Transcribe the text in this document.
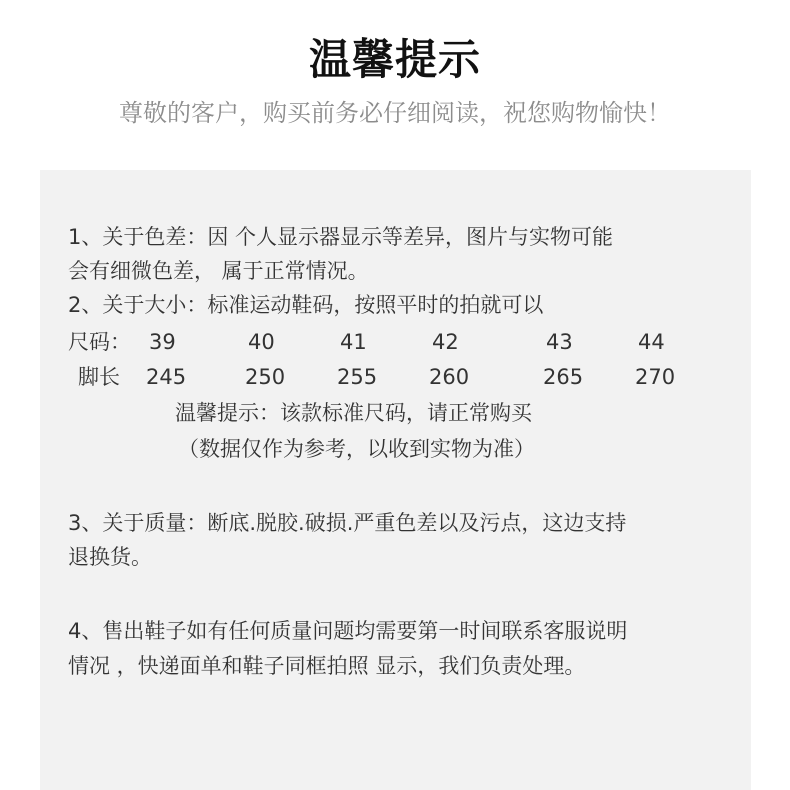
温馨提示
尊敬的客户，购买前务必仔细阅读，祝您购物愉快！
1、关于色差：因 个人显示器显示等差异，图片与实物可能
会有细微色差， 属于正常情况。
2、关于大小：标准运动鞋码，按照平时的拍就可以
尺码： 39	40	41	42	43	44
脚长 245	250 255 260	265 270
温馨提示：该款标准尺码，请正常购买
（数据仅作为参考，以收到实物为准）
3、关于质量：断底.脱胶.破损.严重色差以及污点，这边支持
退换货。
4、售出鞋子如有任何质量问题均需要第一时间联系客服说明
情况 ，快递面单和鞋子同框拍照 显示，我们负责处理。
